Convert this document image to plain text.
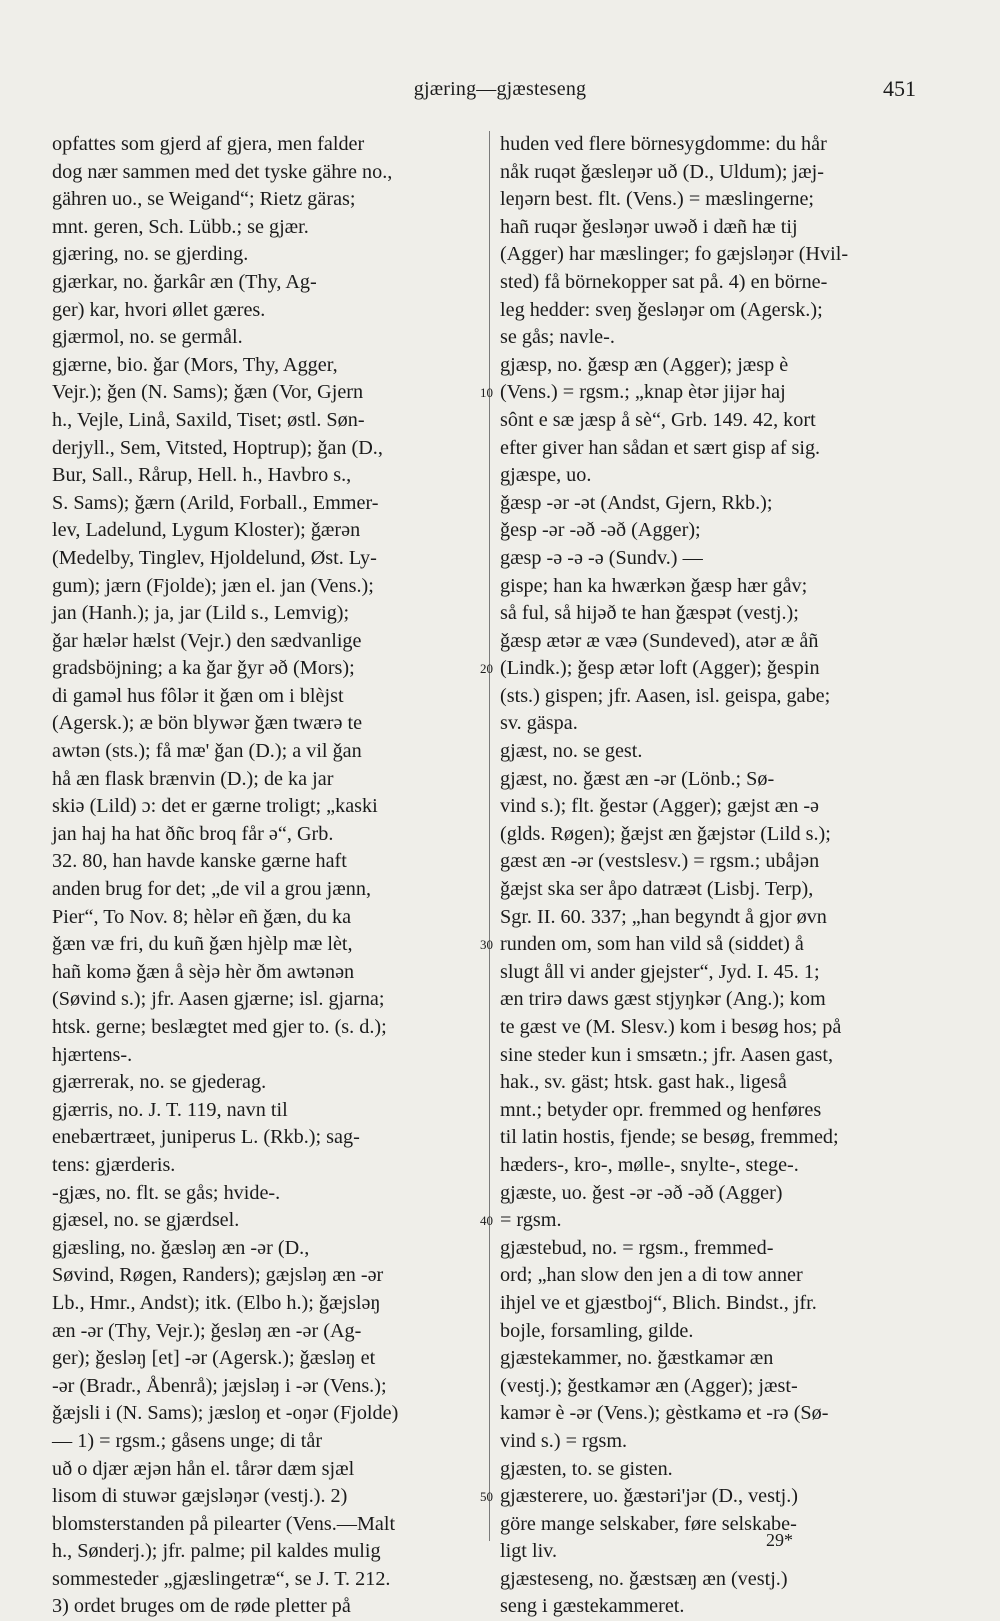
gjæring—gjæsteseng	451
opfattes som gjerd af gjera, men falder
dog nær sammen med det tyske gähre no.,
gähren uo., se Weigand“; Rietz gäras;
mnt. geren, Sch. Lübb.; se gjær.
gjæring, no. se gjerding.
gjærkar, no. ǧarkâr æn (Thy, Ag-
ger) kar, hvori øllet gæres.
gjærmol, no. se germål.
gjærne, bio. ǧar (Mors, Thy, Agger,
Vejr.); ǧen (N. Sams); ǧæn (Vor, Gjern
h., Vejle, Linå, Saxild, Tiset; østl. Søn-
derjyll., Sem, Vitsted, Hoptrup); ǧan (D.,
Bur, Sall., Rårup, Hell. h., Havbro s.,
S. Sams); ǧærn (Arild, Forball., Emmer-
lev, Ladelund, Lygum Kloster); ǧærən
(Medelby, Tinglev, Hjoldelund, Øst. Ly-
gum); jærn (Fjolde); jæn el. jan (Vens.);
jan (Hanh.); ja, jar (Lild s., Lemvig);
ǧar hælər hælst (Vejr.) den sædvanlige
gradsböjning; a ka ǧar ǧyr əð (Mors);
di gaməl hus fôlər it ǧæn om i blèjst
(Agersk.); æ bön blywər ǧæn twærə te
awtən (sts.); få mæ' ǧan (D.); a vil ǧan
hå æn flask brænvin (D.); de ka jar
skiə (Lild) ɔ: det er gærne troligt; „kaski
jan haj ha hat ðñc broq får ə“, Grb.
32. 80, han havde kanske gærne haft
anden brug for det; „de vil a grou jænn,
Pier“, To Nov. 8; hèlər eñ ǧæn, du ka
ǧæn væ fri, du kuñ ǧæn hjèlp mæ lèt,
hañ komə ǧæn å sèjə hèr ðm awtənən
(Søvind s.); jfr. Aasen gjærne; isl. gjarna;
htsk. gerne; beslægtet med gjer to. (s. d.);
hjærtens-.
gjærrerak, no. se gjederag.
gjærris, no. J. T. 119, navn til
enebærtræet, juniperus L. (Rkb.); sag-
tens: gjærderis.
-gjæs, no. flt. se gås; hvide-.
gjæsel, no. se gjærdsel.
gjæsling, no. ǧæsləŋ æn -ər (D.,
Søvind, Røgen, Randers); gæjsləŋ æn -ər
Lb., Hmr., Andst); itk. (Elbo h.); ǧæjsləŋ
æn -ər (Thy, Vejr.); ǧesləŋ æn -ər (Ag-
ger); ǧesləŋ [et] -ər (Agersk.); ǧæsləŋ et
-ər (Bradr., Åbenrå); jæjsləŋ i -ər (Vens.);
ǧæjsli i (N. Sams); jæsloŋ et -oŋər (Fjolde)
— 1) = rgsm.; gåsens unge; di tår
uð o djær æjən hån el. tårər dæm sjæl
lisom di stuwər gæjsləŋər (vestj.). 2)
blomsterstanden på pilearter (Vens.—Malt
h., Sønderj.); jfr. palme; pil kaldes mulig
sommesteder „gjæslingetræ“, se J. T. 212.
3) ordet bruges om de røde pletter på
10
20
30
40
50
huden ved flere börnesygdomme: du hår
nåk ruqət ǧæsleŋər uð (D., Uldum); jæj-
leŋərn best. flt. (Vens.) = mæslingerne;
hañ ruqər ǧesləŋər uwəð i dæñ hæ tij
(Agger) har mæslinger; fo gæjsləŋər (Hvil-
sted) få börnekopper sat på. 4) en börne-
leg hedder: sveŋ ǧesləŋər om (Agersk.);
se gås; navle-.
gjæsp, no. ǧæsp æn (Agger); jæsp è
(Vens.) = rgsm.; „knap ètər jijər haj
sônt e sæ jæsp å sè“, Grb. 149. 42, kort
efter giver han sådan et sært gisp af sig.
gjæspe, uo.
ǧæsp -ər -ət (Andst, Gjern, Rkb.);
ǧesp -ər -əð -əð (Agger);
gæsp -ə -ə -ə (Sundv.) —
gispe; han ka hwærkən ǧæsp hær gåv;
så ful, så hijəð te han ǧæspət (vestj.);
ǧæsp ætər æ væə (Sundeved), atər æ åñ
(Lindk.); ǧesp ætər loft (Agger); ǧespin
(sts.) gispen; jfr. Aasen, isl. geispa, gabe;
sv. gäspa.
gjæst, no. se gest.
gjæst, no. ǧæst æn -ər (Lönb.; Sø-
vind s.); flt. ǧestər (Agger); gæjst æn -ə
(glds. Røgen); ǧæjst æn ǧæjstər (Lild s.);
gæst æn -ər (vestslesv.) = rgsm.; ubåjən
ǧæjst ska ser åpo datræət (Lisbj. Terp),
Sgr. II. 60. 337; „han begyndt å gjor øvn
runden om, som han vild så (siddet) å
slugt åll vi ander gjejster“, Jyd. I. 45. 1;
æn trirə daws gæst stjyŋkər (Ang.); kom
te gæst ve (M. Slesv.) kom i besøg hos; på
sine steder kun i smsætn.; jfr. Aasen gast,
hak., sv. gäst; htsk. gast hak., ligeså
mnt.; betyder opr. fremmed og henføres
til latin hostis, fjende; se besøg, fremmed;
hæders-, kro-, mølle-, snylte-, stege-.
gjæste, uo. ǧest -ər -əð -əð (Agger)
= rgsm.
gjæstebud, no. = rgsm., fremmed-
ord; „han slow den jen a di tow anner
ihjel ve et gjæstboj“, Blich. Bindst., jfr.
bojle, forsamling, gilde.
gjæstekammer, no. ǧæstkamər æn
(vestj.); ǧestkamər æn (Agger); jæst-
kamər è -ər (Vens.); gèstkamə et -rə (Sø-
vind s.) = rgsm.
gjæsten, to. se gisten.
gjæsterere, uo. ǧæstəri'jər (D., vestj.)
göre mange selskaber, føre selskabe-
ligt liv.
gjæsteseng, no. ǧæstsæŋ æn (vestj.)
seng i gæstekammeret.
29*
